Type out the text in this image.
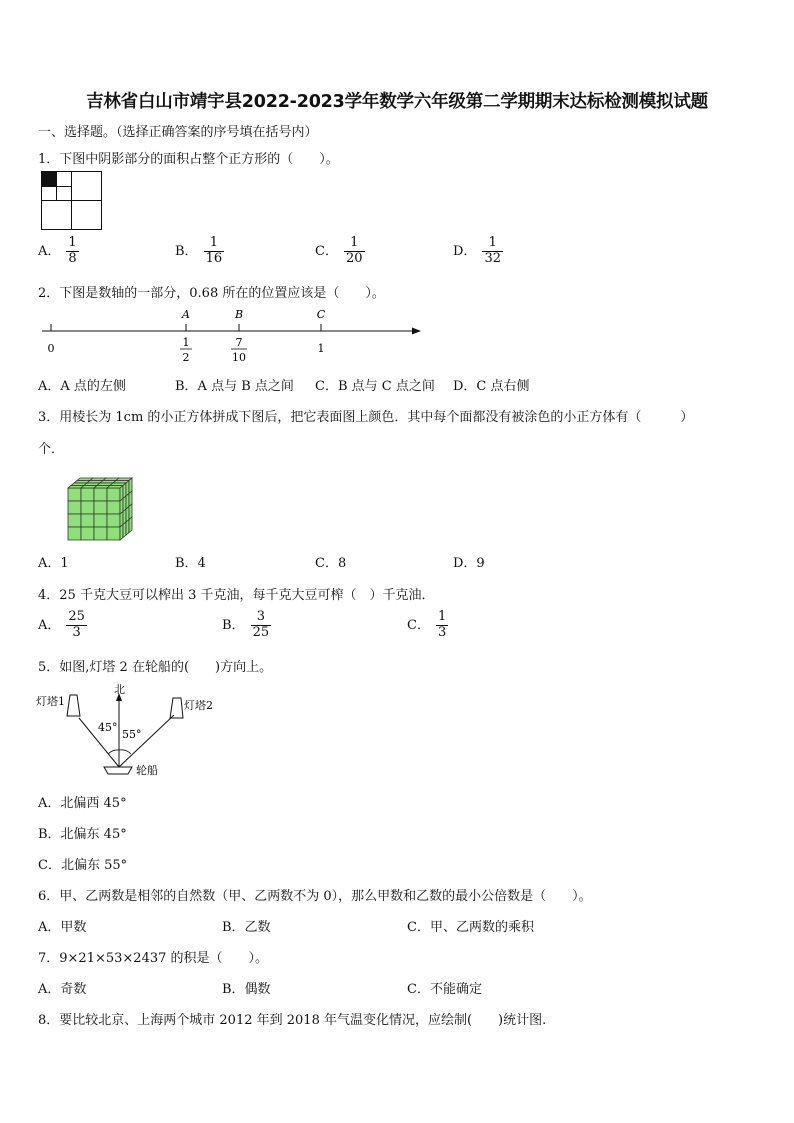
吉林省白山市靖宇县2022-2023学年数学六年级第二学期期末达标检测模拟试题
一、选择题。（选择正确答案的序号填在括号内）
1．下图中阴影部分的面积占整个正方形的（　　）。
A． $\frac{1}{8}$	B． $\frac{1}{16}$	C． $\frac{1}{20}$	D． $\frac{1}{32}$
2．下图是数轴的一部分，0.68 所在的位置应该是（　　）。
A	B	C
0	1
2
7
10
1
A．A 点的左侧	B．A 点与 B 点之间 C．B 点与 C 点之间 D．C 点右侧
3．用棱长为 1cm 的小正方体拼成下图后，把它表面图上颜色．其中每个面都没有被涂色的小正方体有（　　　）
个．
A．1	B．4	C．8	D．9
4．25 千克大豆可以榨出 3 千克油，每千克大豆可榨（　）千克油．
A． $\frac{25}{3}$	B． $\frac{3}{25}$	C． $\frac{1}{3}$
5．如图,灯塔 2 在轮船的(　　)方向上。
灯塔1
北
灯塔2
45°
55°
轮船
A．北偏西 45°
B．北偏东 45°
C．北偏东 55°
6．甲、乙两数是相邻的自然数（甲、乙两数不为 0），那么甲数和乙数的最小公倍数是（　　）。
A．甲数	B．乙数	C．甲、乙两数的乘积
7．9×21×53×2437 的积是（　　）。
A．奇数	B．偶数	C．不能确定
8．要比较北京、上海两个城市 2012 年到 2018 年气温变化情况，应绘制(　　)统计图.
